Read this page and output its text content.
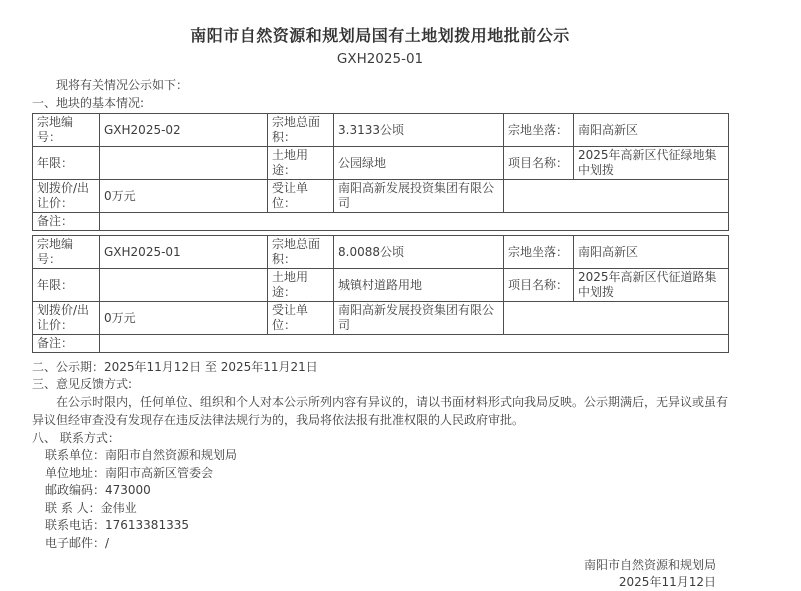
南阳市自然资源和规划局国有土地划拨用地批前公示
GXH2025-01
现将有关情况公示如下：
一、地块的基本情况:
宗地编号：	GXH2025-02	宗地总面积：	3.3133公顷	宗地坐落：	南阳高新区
年限：		土地用途：	公园绿地	项目名称：	2025年高新区代征绿地集中划拨
划拨价/出让价：	0万元	受让单位：	南阳高新发展投资集团有限公司		
备注：					
宗地编号：	GXH2025-01	宗地总面积：	8.0088公顷	宗地坐落：	南阳高新区
年限：		土地用途：	城镇村道路用地	项目名称：	2025年高新区代征道路集中划拨
划拨价/出让价：	0万元	受让单位：	南阳高新发展投资集团有限公司		
备注：					
二、公示期：2025年11月12日 至 2025年11月21日
三、意见反馈方式:
在公示时限内，任何单位、组织和个人对本公示所列内容有异议的，请以书面材料形式向我局反映。公示期满后，无异议或虽有异议但经审查没有发现存在违反法律法规行为的，我局将依法报有批准权限的人民政府审批。
八、 联系方式：
联系单位：南阳市自然资源和规划局
单位地址：南阳市高新区管委会
邮政编码：473000
联 系 人：金伟业
联系电话：17613381335
电子邮件：/
南阳市自然资源和规划局
2025年11月12日
